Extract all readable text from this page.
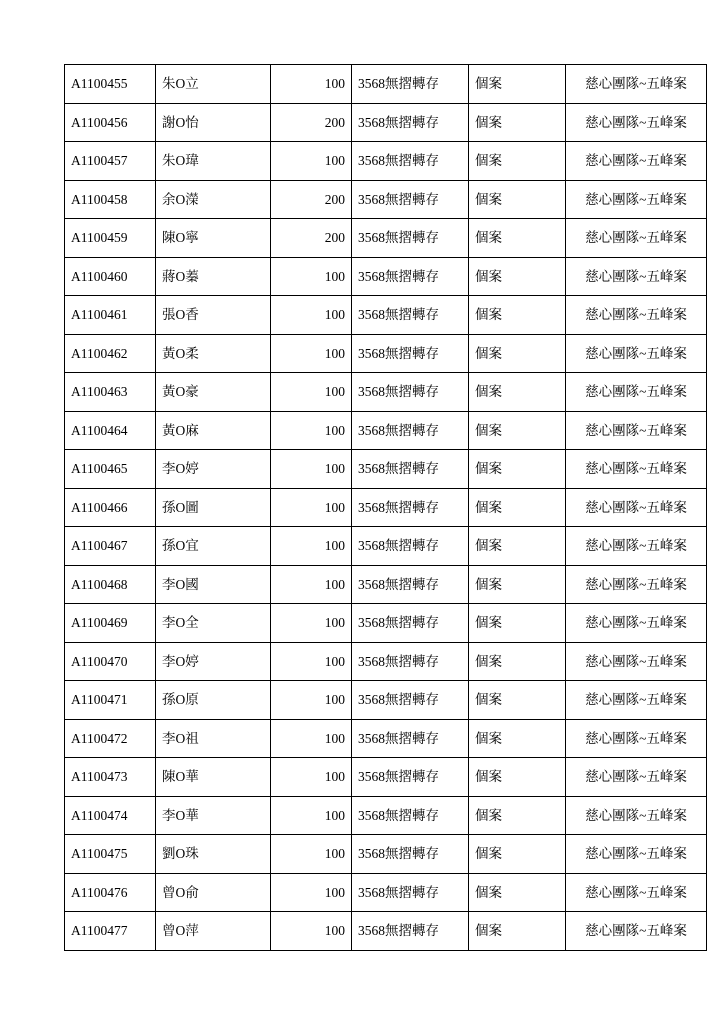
A1100455	朱O立	100	3568無摺轉存	個案	慈心團隊~五峰案
A1100456	謝O怡	200	3568無摺轉存	個案	慈心團隊~五峰案
A1100457	朱O瑋	100	3568無摺轉存	個案	慈心團隊~五峰案
A1100458	余O濚	200	3568無摺轉存	個案	慈心團隊~五峰案
A1100459	陳O寧	200	3568無摺轉存	個案	慈心團隊~五峰案
A1100460	蔣O蓁	100	3568無摺轉存	個案	慈心團隊~五峰案
A1100461	張O香	100	3568無摺轉存	個案	慈心團隊~五峰案
A1100462	黃O柔	100	3568無摺轉存	個案	慈心團隊~五峰案
A1100463	黃O豪	100	3568無摺轉存	個案	慈心團隊~五峰案
A1100464	黃O麻	100	3568無摺轉存	個案	慈心團隊~五峰案
A1100465	李O婷	100	3568無摺轉存	個案	慈心團隊~五峰案
A1100466	孫O圖	100	3568無摺轉存	個案	慈心團隊~五峰案
A1100467	孫O宜	100	3568無摺轉存	個案	慈心團隊~五峰案
A1100468	李O國	100	3568無摺轉存	個案	慈心團隊~五峰案
A1100469	李O全	100	3568無摺轉存	個案	慈心團隊~五峰案
A1100470	李O婷	100	3568無摺轉存	個案	慈心團隊~五峰案
A1100471	孫O原	100	3568無摺轉存	個案	慈心團隊~五峰案
A1100472	李O祖	100	3568無摺轉存	個案	慈心團隊~五峰案
A1100473	陳O華	100	3568無摺轉存	個案	慈心團隊~五峰案
A1100474	李O華	100	3568無摺轉存	個案	慈心團隊~五峰案
A1100475	劉O珠	100	3568無摺轉存	個案	慈心團隊~五峰案
A1100476	曾O俞	100	3568無摺轉存	個案	慈心團隊~五峰案
A1100477	曾O萍	100	3568無摺轉存	個案	慈心團隊~五峰案
